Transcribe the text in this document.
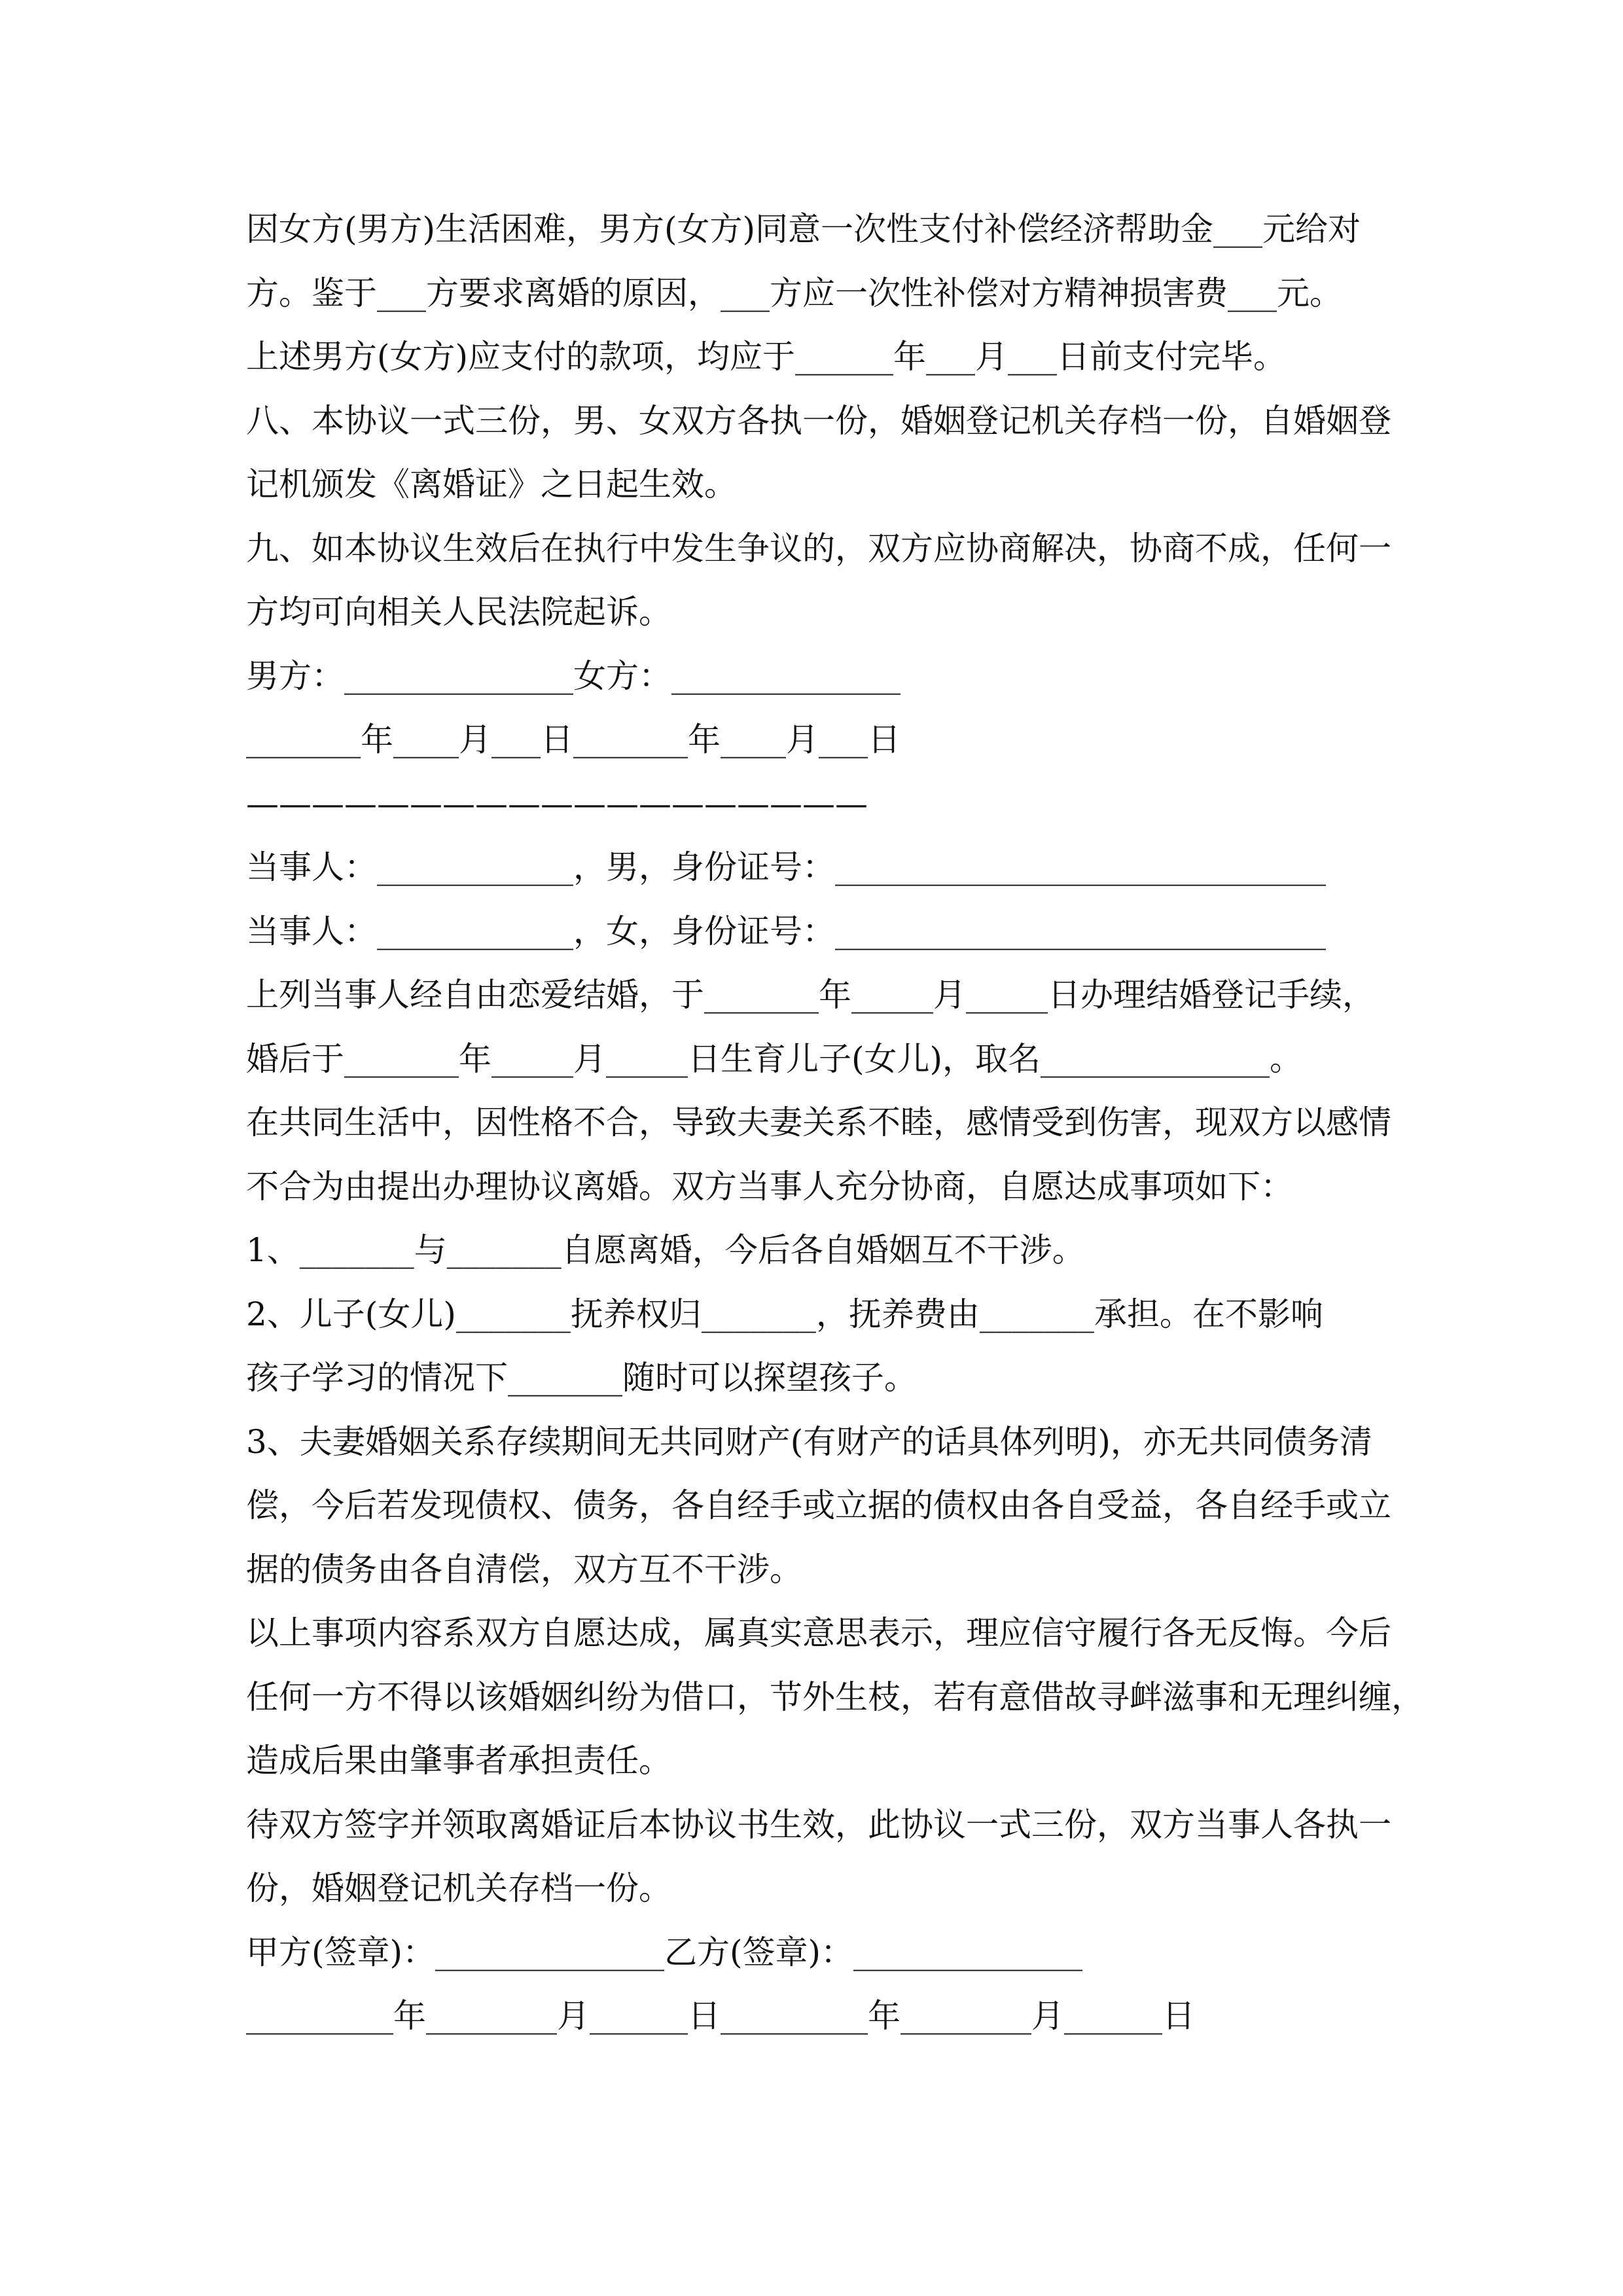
因女方(男方)生活困难，男方(女方)同意一次性支付补偿经济帮助金___元给对
方。鉴于___方要求离婚的原因，___方应一次性补偿对方精神损害费___元。
上述男方(女方)应支付的款项，均应于______年___月___日前支付完毕。
八、本协议一式三份，男、女双方各执一份，婚姻登记机关存档一份，自婚姻登
记机颁发《离婚证》之日起生效。
九、如本协议生效后在执行中发生争议的，双方应协商解决，协商不成，任何一
方均可向相关人民法院起诉。
男方：______________女方：______________
_______年____月___日_______年____月___日
———————————————————
当事人：____________，男，身份证号：______________________________
当事人：____________，女，身份证号：______________________________
上列当事人经自由恋爱结婚，于_______年_____月_____日办理结婚登记手续，
婚后于_______年_____月_____日生育儿子(女儿)，取名______________。
在共同生活中，因性格不合，导致夫妻关系不睦，感情受到伤害，现双方以感情
不合为由提出办理协议离婚。双方当事人充分协商，自愿达成事项如下：
1、_______与_______自愿离婚，今后各自婚姻互不干涉。
2、儿子(女儿)_______抚养权归_______，抚养费由_______承担。在不影响
孩子学习的情况下_______随时可以探望孩子。
3、夫妻婚姻关系存续期间无共同财产(有财产的话具体列明)，亦无共同债务清
偿，今后若发现债权、债务，各自经手或立据的债权由各自受益，各自经手或立
据的债务由各自清偿，双方互不干涉。
以上事项内容系双方自愿达成，属真实意思表示，理应信守履行各无反悔。今后
任何一方不得以该婚姻纠纷为借口，节外生枝，若有意借故寻衅滋事和无理纠缠，
造成后果由肇事者承担责任。
待双方签字并领取离婚证后本协议书生效，此协议一式三份，双方当事人各执一
份，婚姻登记机关存档一份。
甲方(签章)：______________乙方(签章)：______________
_________年________月______日_________年________月______日
